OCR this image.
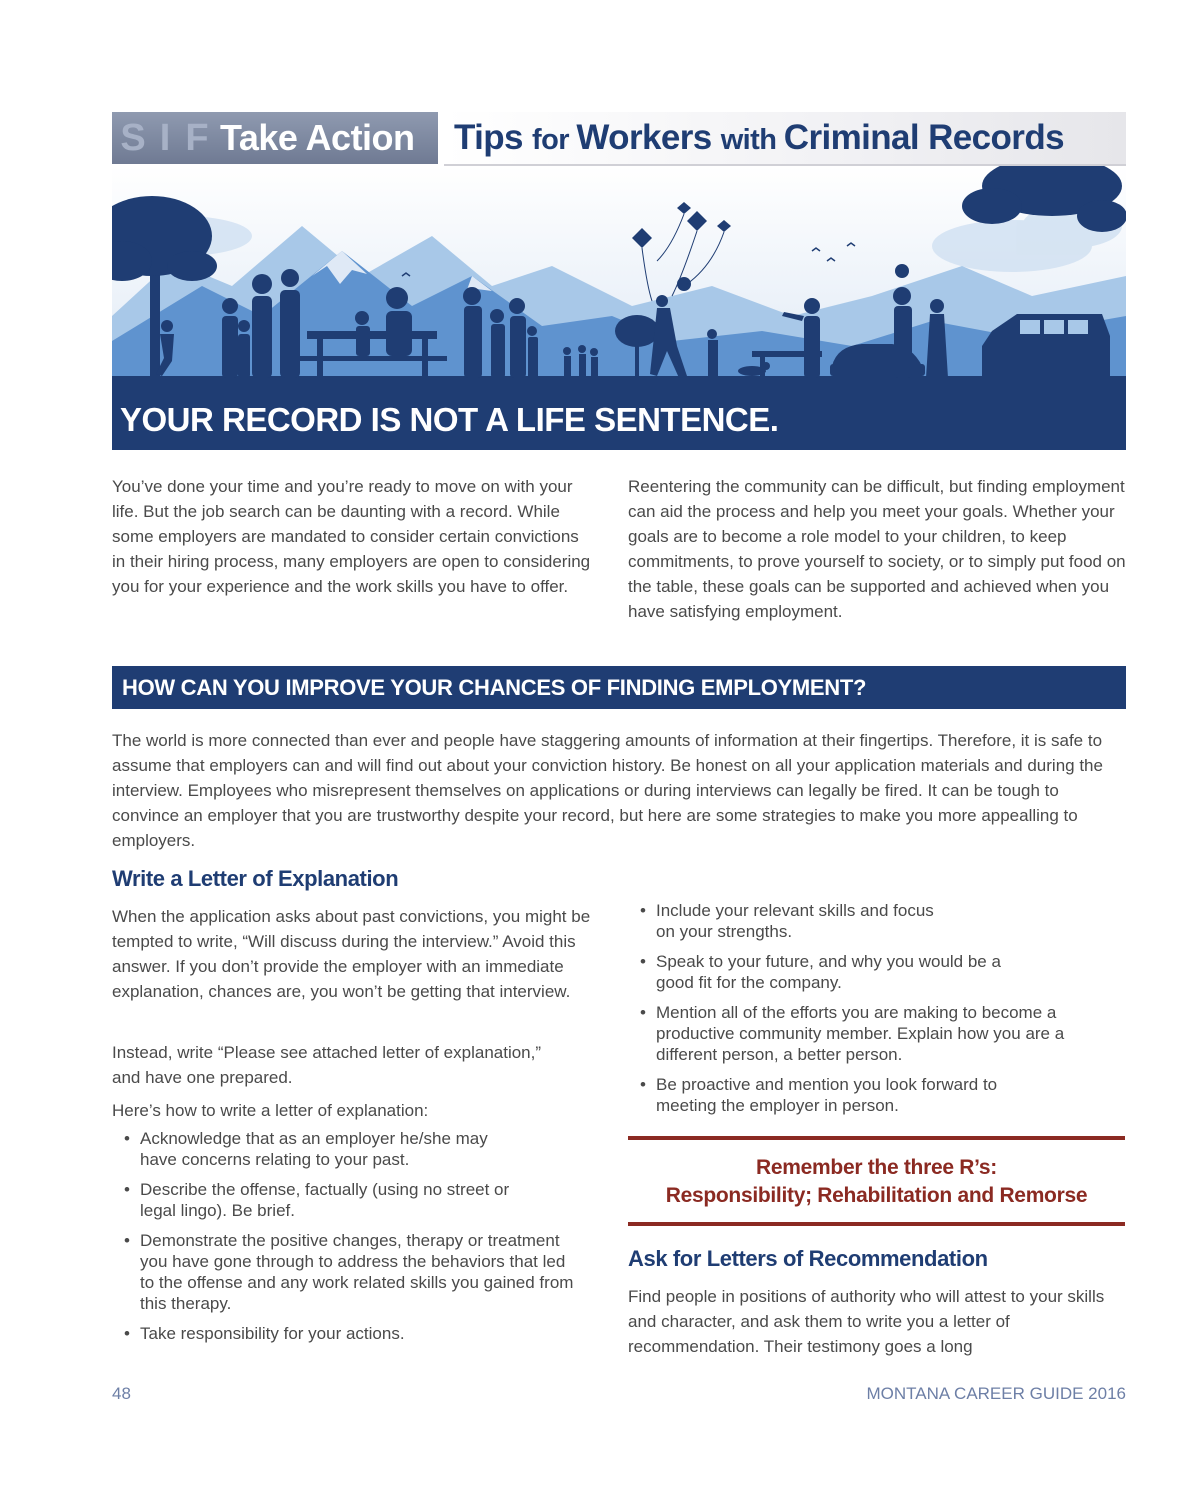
S I F Take Action Tips for Workers with Criminal Records
YOUR RECORD IS NOT A LIFE SENTENCE.

You’ve done your time and you’re ready to move on with your life. But the job search can be daunting with a record. While some employers are mandated to consider certain convictions in their hiring process, many employers are open to considering you for your experience and the work skills you have to offer.

Reentering the community can be difficult, but finding employment can aid the process and help you meet your goals. Whether your goals are to become a role model to your children, to keep commitments, to prove yourself to society, or to simply put food on the table, these goals can be supported and achieved when you have satisfying employment.

HOW CAN YOU IMPROVE YOUR CHANCES OF FINDING EMPLOYMENT?

The world is more connected than ever and people have staggering amounts of information at their fingertips. Therefore, it is safe to assume that employers can and will find out about your conviction history. Be honest on all your application materials and during the interview. Employees who misrepresent themselves on applications or during interviews can legally be fired. It can be tough to convince an employer that you are trustworthy despite your record, but here are some strategies to make you more appealling to employers.

Write a Letter of Explanation

When the application asks about past convictions, you might be tempted to write, “Will discuss during the interview.” Avoid this answer. If you don’t provide the employer with an immediate explanation, chances are, you won’t be getting that interview.

Instead, write “Please see attached letter of explanation,” and have one prepared.

Here’s how to write a letter of explanation:

• Acknowledge that as an employer he/she may have concerns relating to your past.
• Describe the offense, factually (using no street or legal lingo). Be brief.
• Demonstrate the positive changes, therapy or treatment you have gone through to address the behaviors that led to the offense and any work related skills you gained from this therapy.
• Take responsibility for your actions.
• Include your relevant skills and focus on your strengths.
• Speak to your future, and why you would be a good fit for the company.
• Mention all of the efforts you are making to become a productive community member. Explain how you are a different person, a better person.
• Be proactive and mention you look forward to meeting the employer in person.
Remember the three R’s:
Responsibility; Rehabilitation and Remorse
Ask for Letters of Recommendation

Find people in positions of authority who will attest to your skills and character, and ask them to write you a letter of recommendation. Their testimony goes a long

48	MONTANA CAREER GUIDE 2016
